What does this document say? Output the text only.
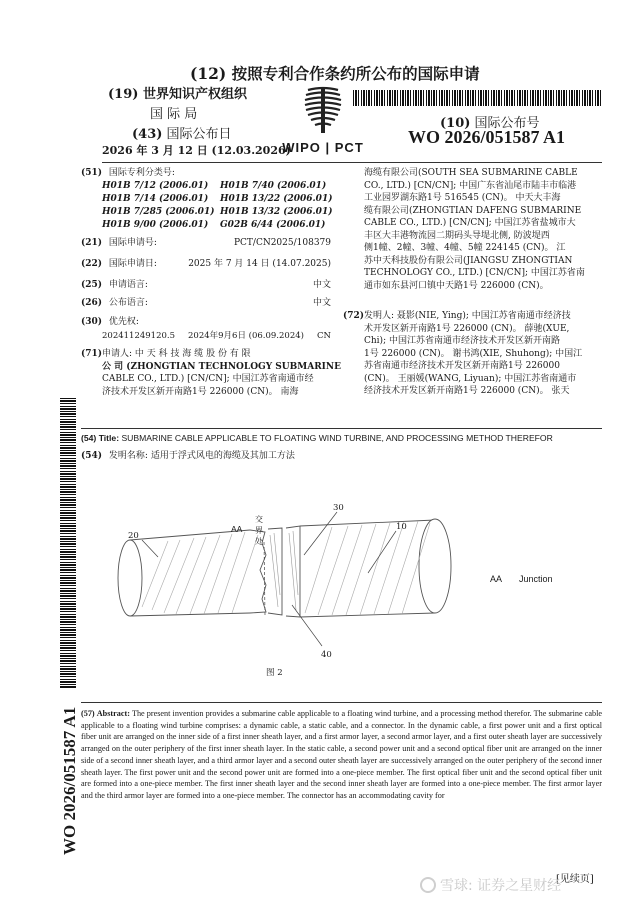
(12) 按照专利合作条约所公布的国际申请
(19) 世界知识产权组织
国 际 局
(43) 国际公布日
2026 年 3 月 12 日 (12.03.2026)
WIPO | PCT
(10) 国际公布号
WO 2026/051587 A1
WO 2026/051587 A1
(51) 国际专利分类号:
H01B 7/12 (2006.01) H01B 7/40 (2006.01)
H01B 7/14 (2006.01) H01B 13/22 (2006.01)
H01B 7/285 (2006.01) H01B 13/32 (2006.01)
H01B 9/00 (2006.01) G02B 6/44 (2006.01)
(21) 国际申请号:	PCT/CN2025/108379
(22) 国际申请日:	2025 年 7 月 14 日 (14.07.2025)
(25) 申请语言:	中文
(26) 公布语言:	中文
(30) 优先权:
202411249120.5 2024年9月6日 (06.09.2024) CN
(71) 申请人: 中 天 科 技 海 缆 股 份 有 限
公 司 (ZHONGTIAN TECHNOLOGY SUBMARINE
CABLE CO., LTD.) [CN/CN]; 中国江苏省南通市经
济技术开发区新开南路1号 226000 (CN)。 南海
海缆有限公司(SOUTH SEA SUBMARINE CABLE
CO., LTD.) [CN/CN]; 中国广东省汕尾市陆丰市临港
工业园罗湖东路1号 516545 (CN)。 中天大丰海
缆有限公司(ZHONGTIAN DAFENG SUBMARINE
CABLE CO., LTD.) [CN/CN]; 中国江苏省盐城市大
丰区大丰港物流园二期码头导堤北侧, 防波堤西
侧1幢、2幢、3幢、4幢、5幢 224145 (CN)。 江
苏中天科技股份有限公司(JIANGSU ZHONGTIAN
TECHNOLOGY CO., LTD.) [CN/CN]; 中国江苏省南
通市如东县河口镇中天路1号 226000 (CN)。
(72) 发明人: 聂影(NIE, Ying); 中国江苏省南通市经济技
术开发区新开南路1号 226000 (CN)。 薛驰(XUE,
Chi); 中国江苏省南通市经济技术开发区新开南路
1号 226000 (CN)。 谢书鸿(XIE, Shuhong); 中国江
苏省南通市经济技术开发区新开南路1号 226000
(CN)。 王丽媛(WANG, Liyuan); 中国江苏省南通市
经济技术开发区新开南路1号 226000 (CN)。 张天
(54) Title: SUBMARINE CABLE APPLICABLE TO FLOATING WIND TURBINE, AND PROCESSING METHOD THEREFOR
(54) 发明名称: 适用于浮式风电的海缆及其加工方法
20
AA
交界处
30
10
40
AA Junction
图 2
(57) Abstract: The present invention provides a submarine cable applicable to a floating wind turbine, and a processing method therefor. The submarine cable applicable to a floating wind turbine comprises: a dynamic cable, a static cable, and a connector. In the dynamic cable, a first power unit and a first optical fiber unit are arranged on the inner side of a first inner sheath layer, and a first armor layer, a second armor layer, and a first outer sheath layer are successively arranged on the outer periphery of the first inner sheath layer. In the static cable, a second power unit and a second optical fiber unit are arranged on the inner side of a second inner sheath layer, and a third armor layer and a second outer sheath layer are successively arranged on the outer periphery of the second inner sheath layer. The first power unit and the second power unit are formed into a one-piece member. The first optical fiber unit and the second optical fiber unit are formed into a one-piece member. The first inner sheath layer and the second inner sheath layer are formed into a one-piece member. The first armor layer and the third armor layer are formed into a one-piece member. The connector has an accommodating cavity for
[见续页]
雪球: 证券之星财经
